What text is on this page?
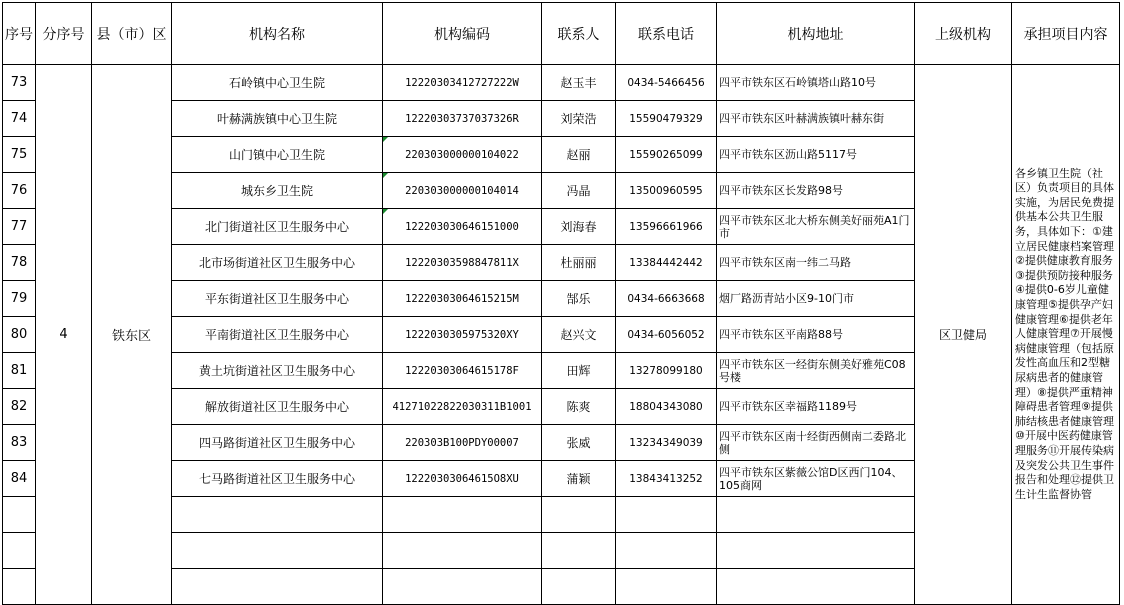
序号	分序号	县（市）区	机构名称	机构编码	联系人	联系电话	机构地址	上级机构	承担项目内容
73	4	铁东区	石岭镇中心卫生院	12220303412727222W	赵玉丰	0434-5466456	四平市铁东区石岭镇塔山路10号	区卫健局	各乡镇卫生院（社区）负责项目的具体实施，为居民免费提供基本公共卫生服务，具体如下：①建立居民健康档案管理②提供健康教育服务③提供预防接种服务④提供0-6岁儿童健康管理⑤提供孕产妇健康管理⑥提供老年人健康管理⑦开展慢病健康管理（包括原发性高血压和2型糖尿病患者的健康管理）⑧提供严重精神障碍患者管理⑨提供肺结核患者健康管理⑩开展中医药健康管理服务⑪开展传染病及突发公共卫生事件报告和处理⑫提供卫生计生监督协管
74			叶赫满族镇中心卫生院	12220303737037326R	刘荣浩	15590479329	四平市铁东区叶赫满族镇叶赫东街		
75			山门镇中心卫生院	220303000000104022	赵丽	15590265099	四平市铁东区沥山路5117号		
76			城东乡卫生院	220303000000104014	冯晶	13500960595	四平市铁东区长发路98号		
77			北门街道社区卫生服务中心	122203030646151000	刘海春	13596661966	四平市铁东区北大桥东侧美好丽苑A1门市		
78			北市场街道社区卫生服务中心	12220303598847811X	杜丽丽	13384442442	四平市铁东区南一纬二马路		
79			平东街道社区卫生服务中心	12220303064615215M	郜乐	0434-6663668	烟厂路沥青站小区9-10门市		
80			平南街道社区卫生服务中心	1222030305975320XY	赵兴文	0434-6056052	四平市铁东区平南路88号		
81			黄土坑街道社区卫生服务中心	12220303064615178F	田辉	13278099180	四平市铁东区一经街东侧美好雅苑C08号楼		
82			解放街道社区卫生服务中心	41271022822030311B1001	陈爽	18804343080	四平市铁东区幸福路1189号		
83			四马路街道社区卫生服务中心	220303B100PDY00007	张威	13234349039	四平市铁东区南十经街西侧南二委路北侧		
84			七马路街道社区卫生服务中心	12220303064615O8XU	蒲颖	13843413252	四平市铁东区紫薇公馆D区西门104、105商网		
